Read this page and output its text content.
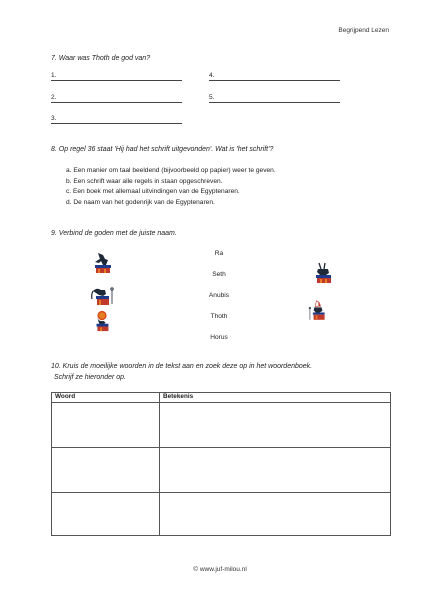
Begrijpend Lezen
7. Waar was Thoth de god van?
1.	4.
2.	5.
3.
8. Op regel 36 staat 'Hij had het schrift uitgevonden'. Wat is 'het schrift'?
a. Een manier om taal beeldend (bijvoorbeeld op papier) weer te geven.
b. Een schrift waar alle regels in staan opgeschreven.
c. Een boek met allemaal uitvindingen van de Egyptenaren.
d. De naam van het godenrijk van de Egyptenaren.
9. Verbind de goden met de juiste naam.
Ra
Seth
Anubis
Thoth
Horus
10. Kruis de moeilijke woorden in de tekst aan en zoek deze op in het woordenboek.
Schrijf ze hieronder op.
Woord	Betekenis

© www.juf-milou.nl
